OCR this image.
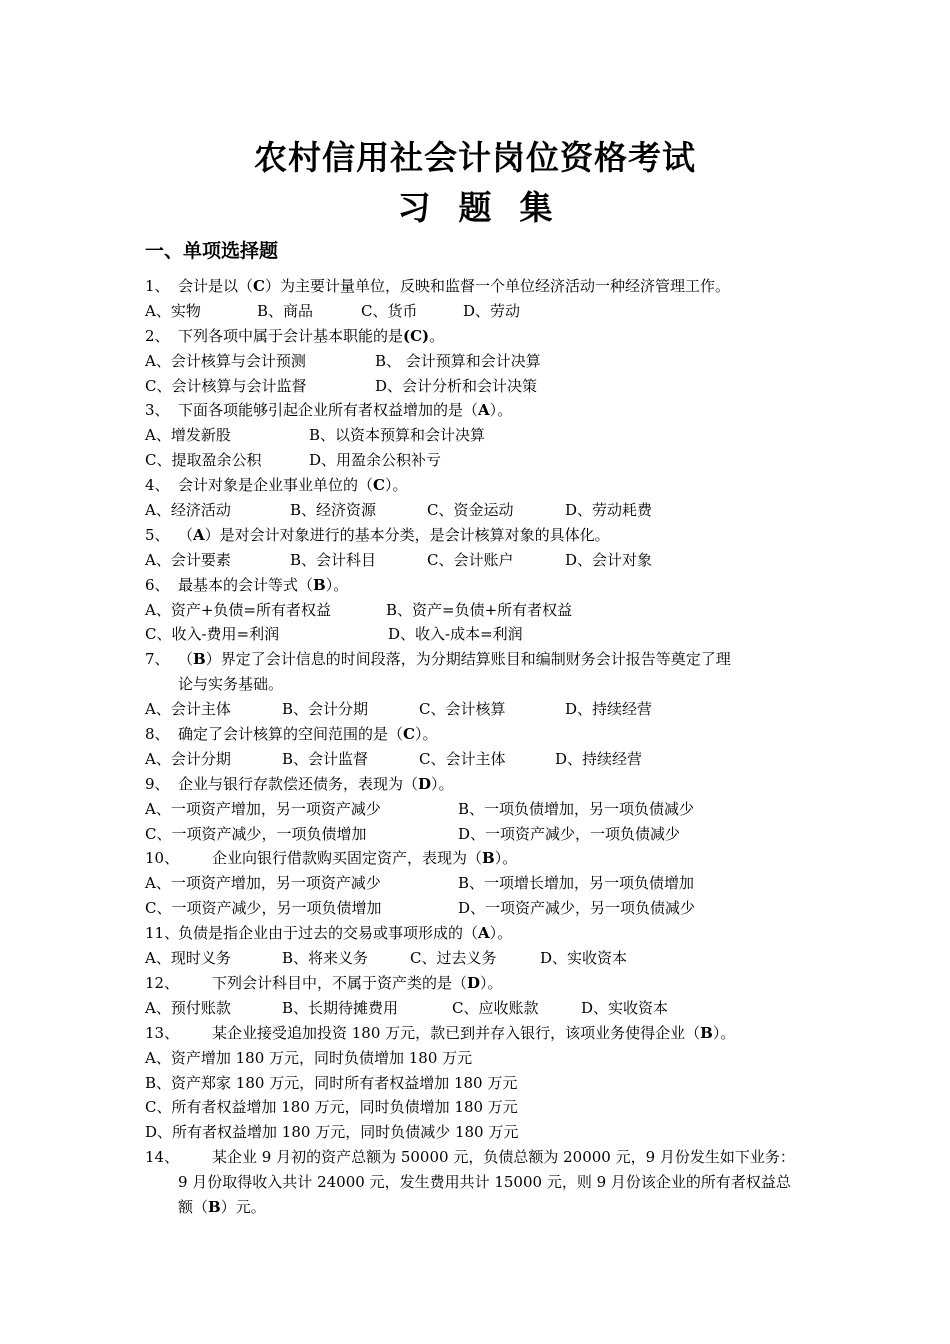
农村信用社会计岗位资格考试
习题集
一、单项选择题
1、 会计是以（C）为主要计量单位，反映和监督一个单位经济活动一种经济管理工作。
A、实物	B、商品	C、货币	D、劳动
2、 下列各项中属于会计基本职能的是(C)。
A、会计核算与会计预测	B、 会计预算和会计决算
C、会计核算与会计监督	D、会计分析和会计决策
3、 下面各项能够引起企业所有者权益增加的是（A）。
A、增发新股	B、以资本预算和会计决算
C、提取盈余公积	D、用盈余公积补亏
4、 会计对象是企业事业单位的（C）。
A、经济活动	B、经济资源	C、资金运动	D、劳动耗费
5、 （A）是对会计对象进行的基本分类，是会计核算对象的具体化。
A、会计要素	B、会计科目	C、会计账户	D、会计对象
6、 最基本的会计等式（B）。
A、资产+负债=所有者权益	B、资产=负债+所有者权益
C、收入-费用=利润	D、收入-成本=利润
7、 （B）界定了会计信息的时间段落，为分期结算账目和编制财务会计报告等奠定了理
论与实务基础。
A、会计主体	B、会计分期	C、会计核算	D、持续经营
8、 确定了会计核算的空间范围的是（C）。
A、会计分期	B、会计监督	C、会计主体	D、持续经营
9、 企业与银行存款偿还债务，表现为（D）。
A、一项资产增加，另一项资产减少	B、一项负债增加，另一项负债减少
C、一项资产减少，一项负债增加	D、一项资产减少，一项负债减少
10、 企业向银行借款购买固定资产，表现为（B）。
A、一项资产增加，另一项资产减少	B、一项增长增加，另一项负债增加
C、一项资产减少，另一项负债增加	D、一项资产减少，另一项负债减少
11、负债是指企业由于过去的交易或事项形成的（A）。
A、现时义务	B、将来义务	C、过去义务	D、实收资本
12、 下列会计科目中，不属于资产类的是（D）。
A、预付账款	B、长期待摊费用	C、应收账款	D、实收资本
13、 某企业接受追加投资 180 万元，款已到并存入银行，该项业务使得企业（B）。
A、资产增加 180 万元，同时负债增加 180 万元
B、资产郑家 180 万元，同时所有者权益增加 180 万元
C、所有者权益增加 180 万元，同时负债增加 180 万元
D、所有者权益增加 180 万元，同时负债减少 180 万元
14、 某企业 9 月初的资产总额为 50000 元，负债总额为 20000 元，9 月份发生如下业务：
9 月份取得收入共计 24000 元，发生费用共计 15000 元，则 9 月份该企业的所有者权益总
额（B）元。
